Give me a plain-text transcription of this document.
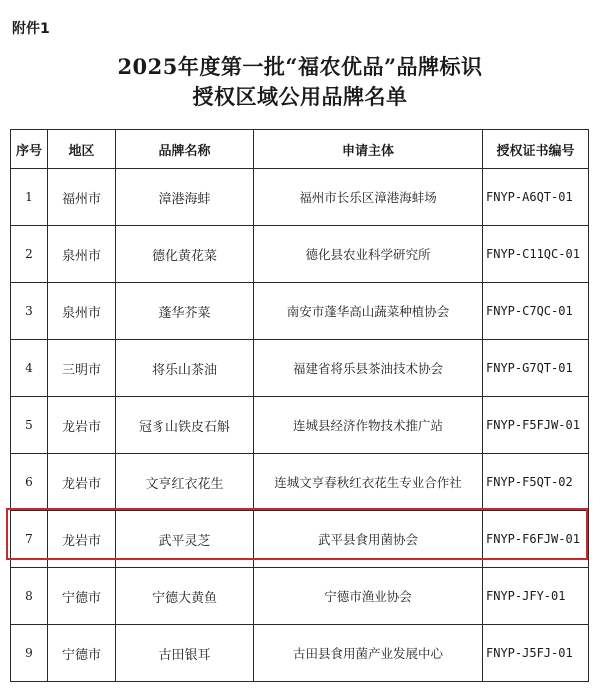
附件1
2025年度第一批“福农优品”品牌标识
授权区域公用品牌名单
序号	地区	品牌名称	申请主体	授权证书编号
1	福州市	漳港海蚌	福州市长乐区漳港海蚌场	FNYP-A6QT-01
2	泉州市	德化黄花菜	德化县农业科学研究所	FNYP-C11QC-01
3	泉州市	蓬华芥菜	南安市蓬华高山蔬菜种植协会	FNYP-C7QC-01
4	三明市	将乐山茶油	福建省将乐县茶油技术协会	FNYP-G7QT-01
5	龙岩市	冠豸山铁皮石斛	连城县经济作物技术推广站	FNYP-F5FJW-01
6	龙岩市	文亨红衣花生	连城文亨春秋红衣花生专业合作社	FNYP-F5QT-02
7	龙岩市	武平灵芝	武平县食用菌协会	FNYP-F6FJW-01
8	宁德市	宁德大黄鱼	宁德市渔业协会	FNYP-JFY-01
9	宁德市	古田银耳	古田县食用菌产业发展中心	FNYP-J5FJ-01
